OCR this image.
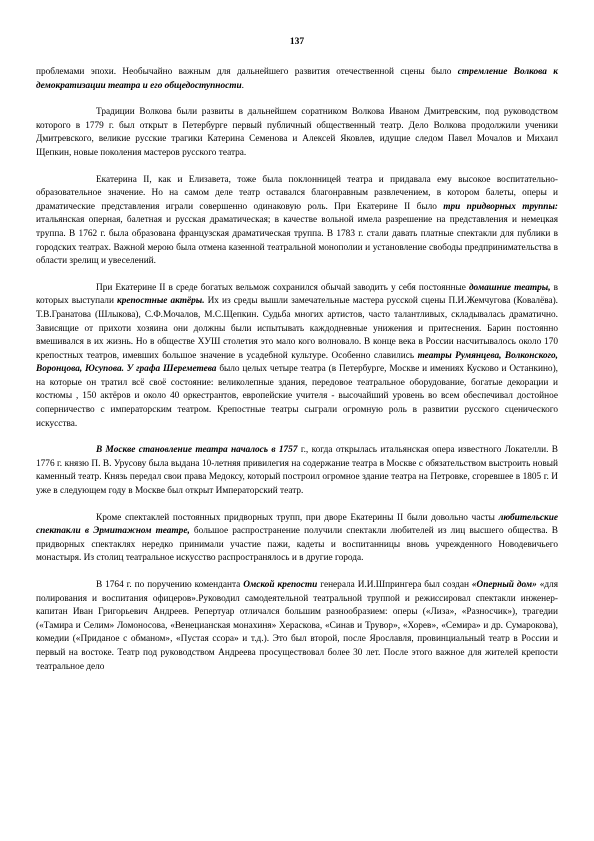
137

проблемами эпохи. Необычайно важным для дальнейшего развития отечественной сцены было стремление Волкова к демократизации театра и его общедоступности.

Традиции Волкова были развиты в дальнейшем соратником Волкова Иваном Дмитревским, под руководством которого в 1779 г. был открыт в Петербурге первый публичный общественный театр. Дело Волкова продолжили ученики Дмитревского, великие русские трагики Катерина Семенова и Алексей Яковлев, идущие следом Павел Мочалов и Михаил Щепкин, новые поколения мастеров русского театра.

Екатерина II, как и Елизавета, тоже была поклонницей театра и придавала ему высокое воспитательно-образовательное значение. Но на самом деле театр оставался благонравным развлечением, в котором балеты, оперы и драматические представления играли совершенно одинаковую роль. При Екатерине II было три придворных труппы: итальянская оперная, балетная и русская драматическая; в качестве вольной имела разрешение на представления и немецкая труппа. В 1762 г. была образована французская драматическая труппа. В 1783 г. стали давать платные спектакли для публики в городских театрах. Важной мерою была отмена казенной театральной монополии и установление свободы предпринимательства в области зрелищ и увеселений.

При Екатерине II в среде богатых вельмож сохранился обычай заводить у себя постоянные домашние театры, в которых выступали крепостные актёры. Их из среды вышли замечательные мастера русской сцены П.И.Жемчугова (Ковалёва). Т.В.Гранатова (Шлыкова), С.Ф.Мочалов, М.С.Щепкин. Судьба многих артистов, часто талантливых, складывалась драматично. Зависящие от прихоти хозяина они должны были испытывать каждодневные унижения и притеснения. Барин постоянно вмешивался в их жизнь. Но в обществе ХУШ столетия это мало кого волновало. В конце века в России насчитывалось около 170 крепостных театров, имевших большое значение в усадебной культуре. Особенно славились театры Румянцева, Волконского, Воронцова, Юсупова. У графа Шереметева было целых четыре театра (в Петербурге, Москве и имениях Кусково и Останкино), на которые он тратил всё своё состояние: великолепные здания, передовое театральное оборудование, богатые декорации и костюмы , 150 актёров и около 40 оркестрантов, европейские учителя - высочайший уровень во всем обеспечивал достойное соперничество с императорским театром. Крепостные театры сыграли огромную роль в развитии русского сценического искусства.

В Москве становление театра началось в 1757 г., когда открылась итальянская опера известного Локателли. В 1776 г. князю П. В. Урусову была выдана 10-летняя привилегия на содержание театра в Москве с обязательством выстроить новый каменный театр. Князь передал свои права Медоксу, который построил огромное здание театра на Петровке, сгоревшее в 1805 г. И уже в следующем году в Москве был открыт Императорский театр.

Кроме спектаклей постоянных придворных трупп, при дворе Екатерины II были довольно часты любительские спектакли в Эрмитажном театре, большое распространение получили спектакли любителей из лиц высшего общества. В придворных спектаклях нередко принимали участие пажи, кадеты и воспитанницы вновь учрежденного Новодевичьего монастыря. Из столиц театральное искусство распространялось и в другие города.

В 1764 г. по поручению коменданта Омской крепости генерала И.И.Шпрингера был создан «Оперный дом» «для полирования и воспитания офицеров».Руководил самодеятельной театральной труппой и режиссировал спектакли инженер-капитан Иван Григорьевич Андреев. Репертуар отличался большим разнообразием: оперы («Лиза», «Разносчик»), трагедии («Тамира и Селим» Ломоносова, «Венецианская монахиня» Хераскова, «Синав и Трувор», «Хорев», «Семира» и др. Сумарокова), комедии («Приданое с обманом», «Пустая ссора» и т.д.). Это был второй, после Ярославля, провинциальный театр в России и первый на востоке. Театр под руководством Андреева просуществовал более 30 лет. После этого важное для жителей крепости театральное дело
